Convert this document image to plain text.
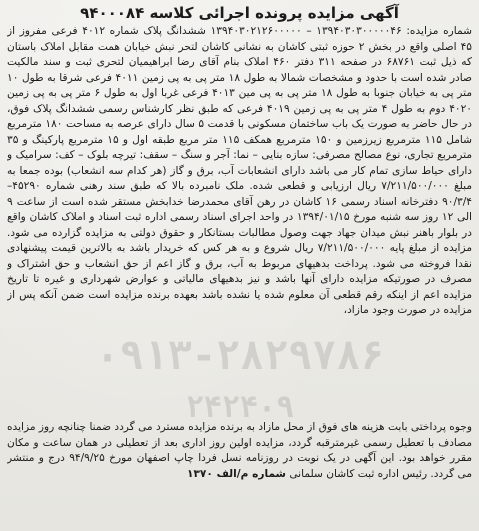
آگهی مزایده پرونده اجرائی کلاسه ۹۴۰۰۰۸۴
شماره مزایده: ۱۳۹۴۰۳۰۳۰۰۰۰۰۴۶ – ۱۳۹۴۰۳۰۲۱۲۶۰۰۰۰۰ ششدانگ پلاک شماره ۴۰۱۲ فرعی مفروز از ۴۵ اصلی واقع در بخش ۲ حوزه ثبتی کاشان به نشانی کاشان لتحر نبش خیابان همت مقابل املاک باستان که ذیل ثبت ۶۸۷۶۱ در صفحه ۳۱۱ دفتر ۴۶۰ املاک بنام آقای رضا ابراهیمیان لتحری ثبت و سند مالکیت صادر شده است با حدود و مشخصات شمالا به طول ۱۸ متر پی به پی زمین ۴۰۱۱ فرعی شرقا به طول ۱۰ متر پی به خیابان جنوبا به طول ۱۸ متر پی به پی مین ۴۰۱۳ فرعی غربا اول به طول ۶ متر پی به پی زمین ۴۰۲۰ دوم به طول ۴ متر پی به پی زمین ۴۰۱۹ فرعی که طبق نظر کارشناس رسمی ششدانگ پلاک فوق، در حال حاضر به صورت یک باب ساختمان مسکونی با قدمت ۵ سال دارای عرصه به مساحت ۱۸۰ مترمربع شامل ۱۱۵ مترمربع زیرزمین و ۱۵۰ مترمربع همکف ۱۱۵ متر مربع طبقه اول و ۱۵ مترمربع پارکینگ و ۳۵ مترمربع تجاری، نوع مصالح مصرفی: سازه بنایی – نما: آجر و سنگ – سقف: تیرچه بلوک – کف: سرامیک و دارای حیاط سازی تمام کار می باشد دارای انشعابات آب، برق و گاز (هر کدام سه انشعاب) بوده جمعا به مبلغ ۷/۲۱۱/۵۰۰/۰۰۰ ریال ارزیابی و قطعی شده. ملک نامبرده بالا که طبق سند رهنی شماره ۴۵۲۹۰–۹۰/۳/۴ دفترخانه اسناد رسمی ۱۶ کاشان در رهن آقای محمدرضا خدابخش مستقر شده است از ساعت ۹ الی ۱۲ روز سه شنبه مورخ ۱۳۹۴/۰۱/۱۵ در واحد اجرای اسناد رسمی اداره ثبت اسناد و املاک کاشان واقع در بلوار باهنر نبش میدان جهاد جهت وصول مطالبات بستانکار و حقوق دولتی به مزایده گزارده می شود. مزایده از مبلغ پایه ۷/۲۱۱/۵۰۰/۰۰۰ ریال شروع و به هر کس که خریدار باشد به بالاترین قیمت پیشنهادی نقدا فروخته می شود. پرداخت بدهیهای مربوط به آب، برق و گاز اعم از حق انشعاب و حق اشتراک و مصرف در صورتیکه مزایده دارای آنها باشد و نیز بدهیهای مالیاتی و عوارض شهرداری و غیره تا تاریخ مزایده اعم از اینکه رقم قطعی آن معلوم شده یا نشده باشد بعهده برنده مزایده است ضمن آنکه پس از مزایده در صورت وجود مازاد،
۰۹۱۳-۲۸۲۹۷۸۶
۲۴۲۴۰۹
وجوه پرداختی بابت هزینه های فوق از محل مازاد به برنده مزایده مسترد می گردد ضمنا چنانچه روز مزایده مصادف با تعطیل رسمی غیرمترقبه گردد، مزایده اولین روز اداری بعد از تعطیلی در همان ساعت و مکان مقرر خواهد بود. این آگهی در یک نوبت در روزنامه نسل فردا چاپ اصفهان مورخ ۹۴/۹/۲۵ درج و منتشر می گردد. رئیس اداره ثبت کاشان سلمانی شماره م/الف ۱۳۷۰
